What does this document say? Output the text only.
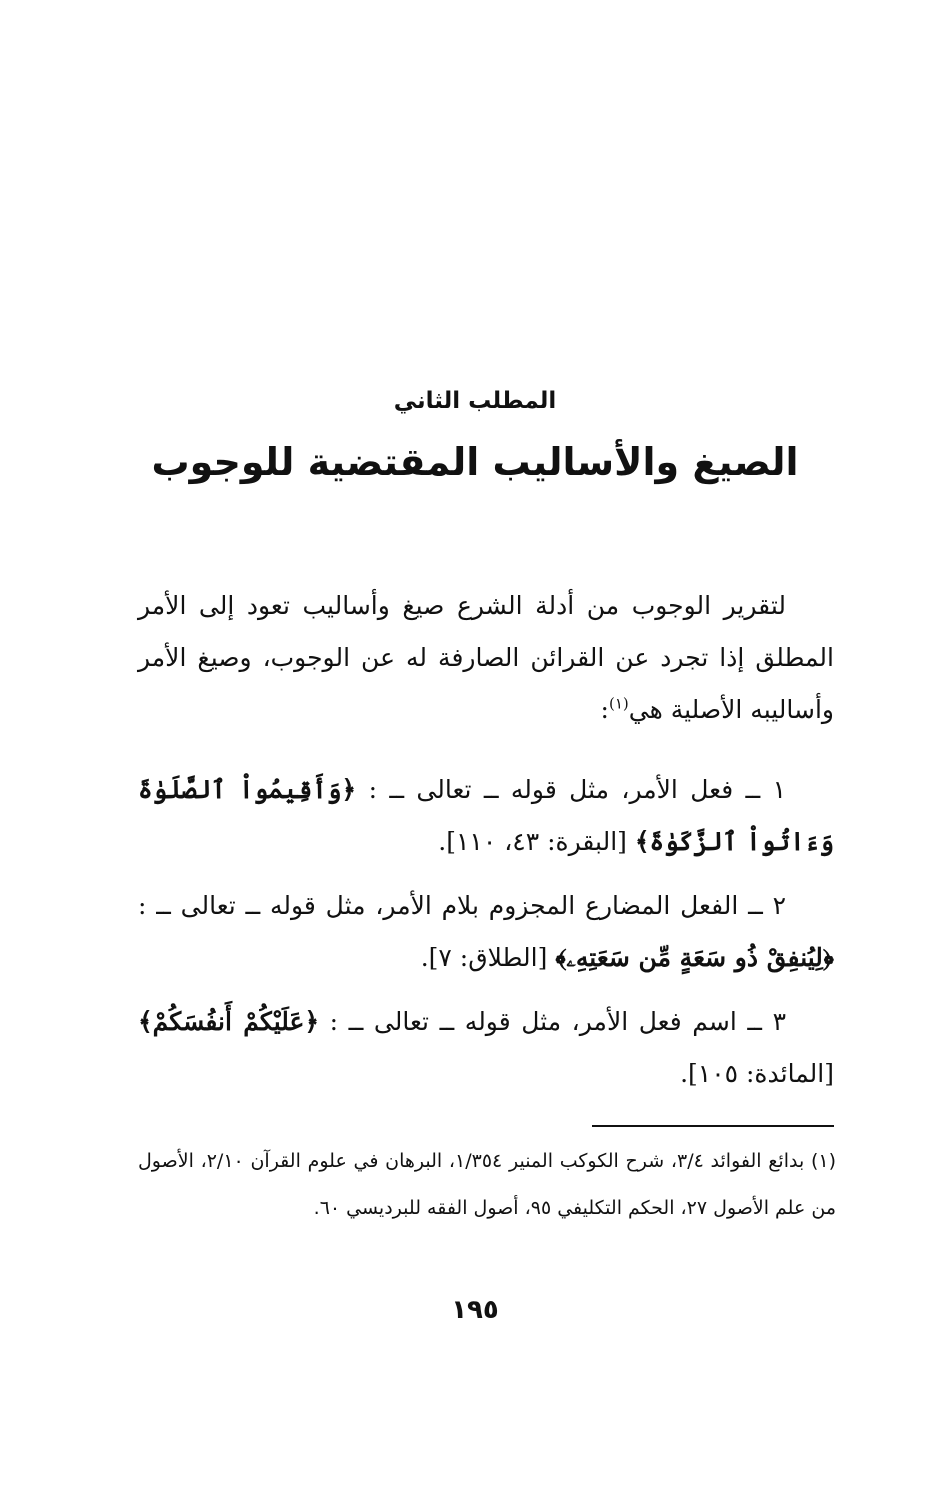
المطلب الثاني
الصيغ والأساليب المقتضية للوجوب

لتقرير الوجوب من أدلة الشرع صيغ وأساليب تعود إلى الأمر المطلق إذا تجرد عن القرائن الصارفة له عن الوجوب، وصيغ الأمر وأساليبه الأصلية هي$^{(١)}$:

١ ــ فعل الأمر، مثل قوله ــ تعالى ــ : ﴿وَأَقِيمُواْ ٱلصَّلَوٰةَ وَءَاتُواْ ٱلزَّكَوٰةَ﴾ [البقرة: ٤٣، ١١٠].

٢ ــ الفعل المضارع المجزوم بلام الأمر، مثل قوله ــ تعالى ــ : ﴿لِيُنفِقْ ذُو سَعَةٍ مِّن سَعَتِهِۦ﴾ [الطلاق: ٧].

٣ ــ اسم فعل الأمر، مثل قوله ــ تعالى ــ : ﴿عَلَيْكُمْ أَنفُسَكُمْ﴾ [المائدة: ١٠٥].

(١) بدائع الفوائد ٣/٤، شرح الكوكب المنير ١/٣٥٤، البرهان في علوم القرآن ٢/١٠، الأصول من علم الأصول ٢٧، الحكم التكليفي ٩٥، أصول الفقه للبرديسي ٦٠.

١٩٥
